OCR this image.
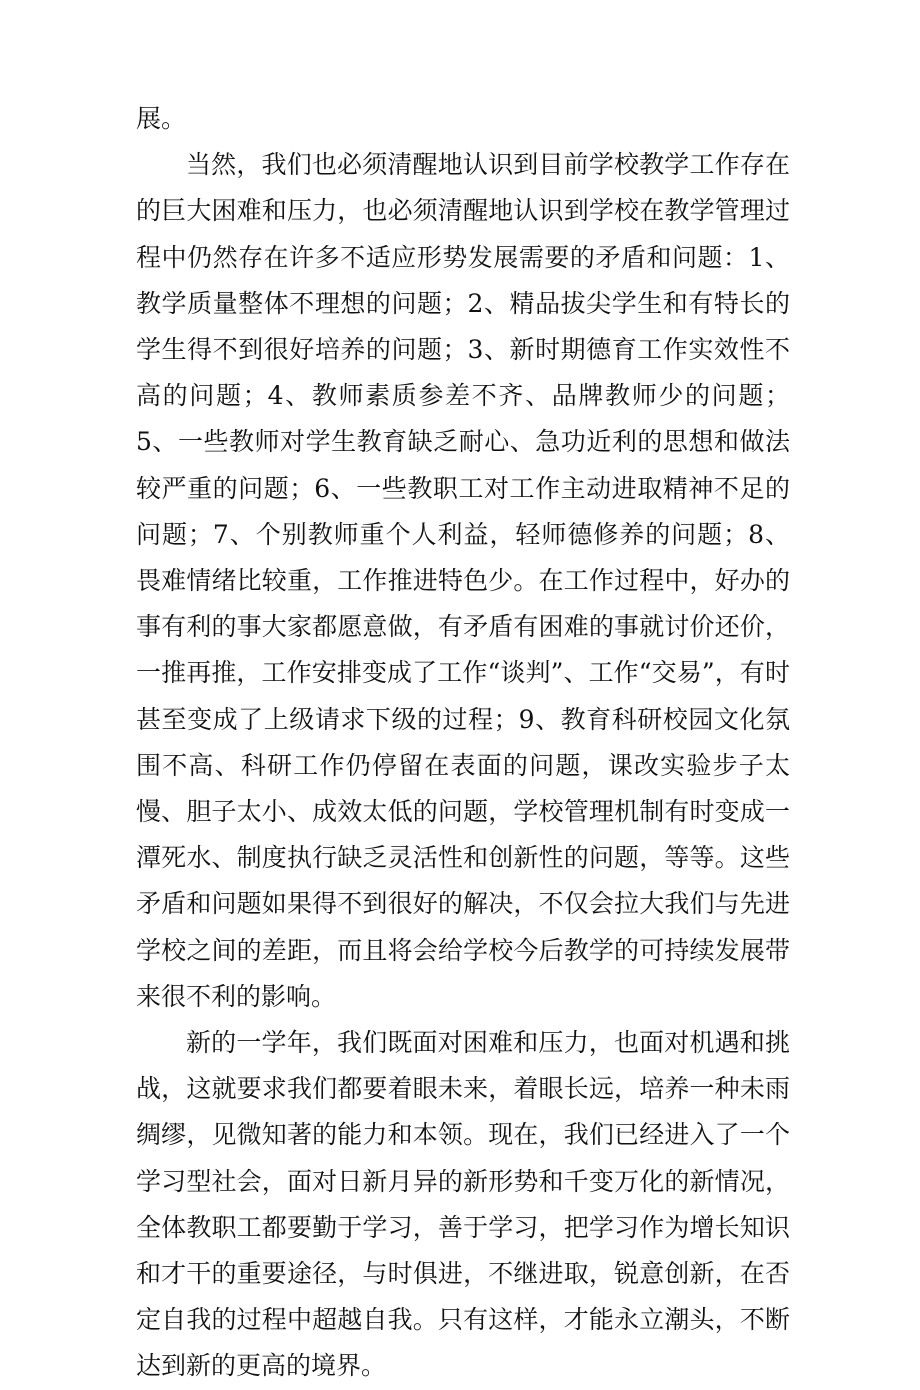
展。

当然，我们也必须清醒地认识到目前学校教学工作存在的巨大困难和压力，也必须清醒地认识到学校在教学管理过程中仍然存在许多不适应形势发展需要的矛盾和问题：1、教学质量整体不理想的问题；2、精品拔尖学生和有特长的学生得不到很好培养的问题；3、新时期德育工作实效性不高的问题；4、教师素质参差不齐、品牌教师少的问题；5、一些教师对学生教育缺乏耐心、急功近利的思想和做法较严重的问题；6、一些教职工对工作主动进取精神不足的问题；7、个别教师重个人利益，轻师德修养的问题；8、畏难情绪比较重，工作推进特色少。在工作过程中，好办的事有利的事大家都愿意做，有矛盾有困难的事就讨价还价，一推再推，工作安排变成了工作“谈判”、工作“交易”，有时甚至变成了上级请求下级的过程；9、教育科研校园文化氛围不高、科研工作仍停留在表面的问题，课改实验步子太慢、胆子太小、成效太低的问题，学校管理机制有时变成一潭死水、制度执行缺乏灵活性和创新性的问题，等等。这些矛盾和问题如果得不到很好的解决，不仅会拉大我们与先进学校之间的差距，而且将会给学校今后教学的可持续发展带来很不利的影响。

新的一学年，我们既面对困难和压力，也面对机遇和挑战，这就要求我们都要着眼未来，着眼长远，培养一种未雨绸缪，见微知著的能力和本领。现在，我们已经进入了一个学习型社会，面对日新月异的新形势和千变万化的新情况，全体教职工都要勤于学习，善于学习，把学习作为增长知识和才干的重要途径，与时俱进，不继进取，锐意创新，在否定自我的过程中超越自我。只有这样，才能永立潮头，不断达到新的更高的境界。
